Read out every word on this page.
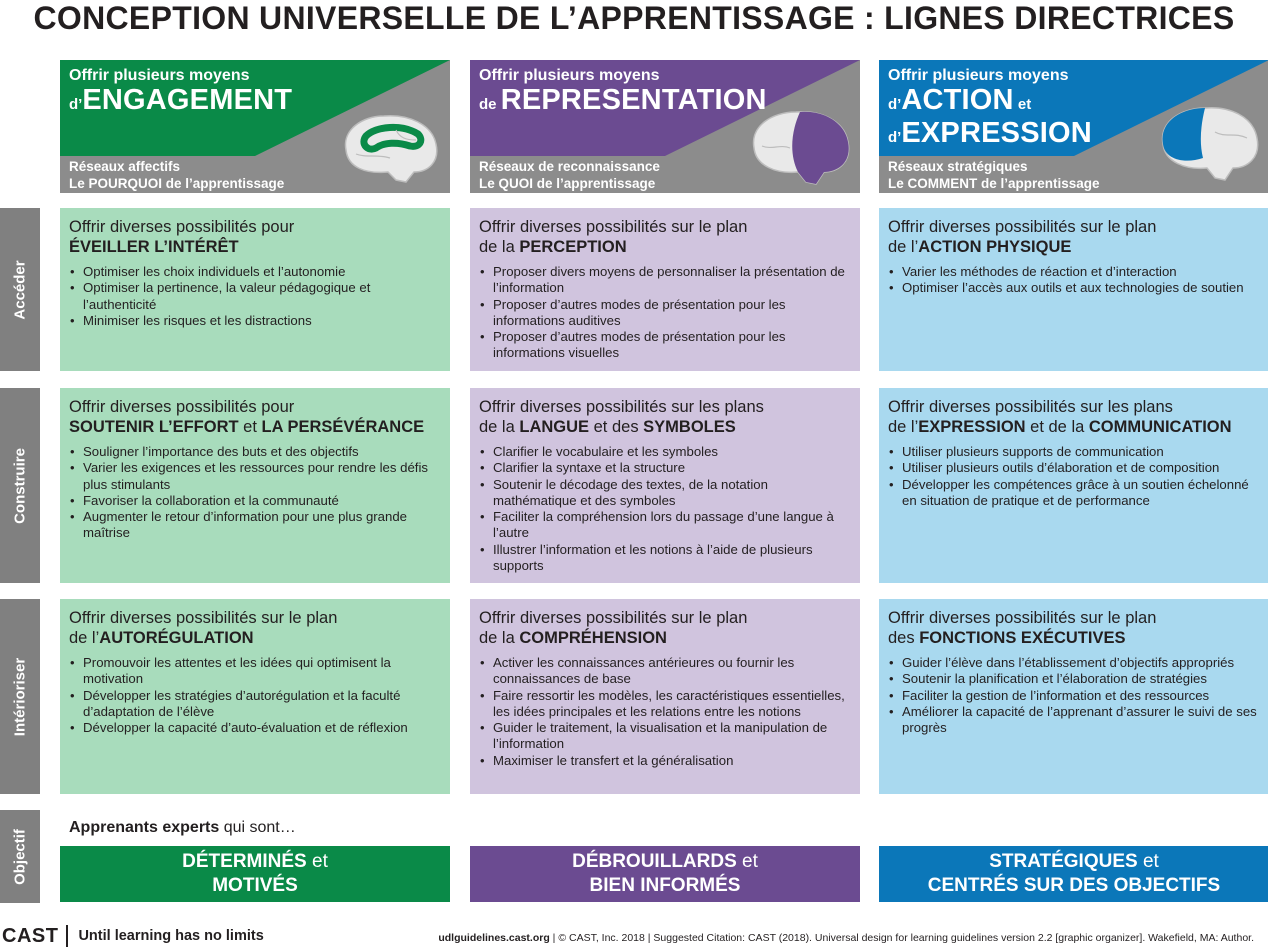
CONCEPTION UNIVERSELLE DE L’APPRENTISSAGE : LIGNES DIRECTRICES
Offrir plusieurs moyens
d’ENGAGEMENT
Réseaux affectifs
Le POURQUOI de l’apprentissage
Offrir plusieurs moyens
de REPRESENTATION
Réseaux de reconnaissance
Le QUOI de l’apprentissage
Offrir plusieurs moyens
d’ACTION et
d’EXPRESSION
Réseaux stratégiques
Le COMMENT de l’apprentissage
Accéder
Construire
Intérioriser
Objectif
Offrir diverses possibilités pour
ÉVEILLER L’INTÉRÊT
• Optimiser les choix individuels et l’autonomie
• Optimiser la pertinence, la valeur pédagogique et l’authenticité
• Minimiser les risques et les distractions
Offrir diverses possibilités sur le plan
de la PERCEPTION
• Proposer divers moyens de personnaliser la présentation de l’information
• Proposer d’autres modes de présentation pour les informations auditives
• Proposer d’autres modes de présentation pour les informations visuelles
Offrir diverses possibilités sur le plan
de l’ACTION PHYSIQUE
• Varier les méthodes de réaction et d’interaction
• Optimiser l’accès aux outils et aux technologies de soutien
Offrir diverses possibilités pour
SOUTENIR L’EFFORT et LA PERSÉVÉRANCE
• Souligner l’importance des buts et des objectifs
• Varier les exigences et les ressources pour rendre les défis plus stimulants
• Favoriser la collaboration et la communauté
• Augmenter le retour d’information pour une plus grande maîtrise
Offrir diverses possibilités sur les plans
de la LANGUE et des SYMBOLES
• Clarifier le vocabulaire et les symboles
• Clarifier la syntaxe et la structure
• Soutenir le décodage des textes, de la notation mathématique et des symboles
• Faciliter la compréhension lors du passage d’une langue à l’autre
• Illustrer l’information et les notions à l’aide de plusieurs supports
Offrir diverses possibilités sur les plans
de l’EXPRESSION et de la COMMUNICATION
• Utiliser plusieurs supports de communication
• Utiliser plusieurs outils d’élaboration et de composition
• Développer les compétences grâce à un soutien échelonné en situation de pratique et de performance
Offrir diverses possibilités sur le plan
de l’AUTORÉGULATION
• Promouvoir les attentes et les idées qui optimisent la motivation
• Développer les stratégies d’autorégulation et la faculté d’adaptation de l’élève
• Développer la capacité d’auto-évaluation et de réflexion
Offrir diverses possibilités sur le plan
de la COMPRÉHENSION
• Activer les connaissances antérieures ou fournir les connaissances de base
• Faire ressortir les modèles, les caractéristiques essentielles, les idées principales et les relations entre les notions
• Guider le traitement, la visualisation et la manipulation de l’information
• Maximiser le transfert et la généralisation
Offrir diverses possibilités sur le plan
des FONCTIONS EXÉCUTIVES
• Guider l’élève dans l’établissement d’objectifs appropriés
• Soutenir la planification et l’élaboration de stratégies
• Faciliter la gestion de l’information et des ressources
• Améliorer la capacité de l’apprenant d’assurer le suivi de ses progrès
Apprenants experts qui sont…
DÉTERMINÉS et
MOTIVÉS
DÉBROUILLARDS et
BIEN INFORMÉS
STRATÉGIQUES et
CENTRÉS SUR DES OBJECTIFS
CAST Until learning has no limits	udlguidelines.cast.org | © CAST, Inc. 2018 | Suggested Citation: CAST (2018). Universal design for learning guidelines version 2.2 [graphic organizer]. Wakefield, MA: Author.
